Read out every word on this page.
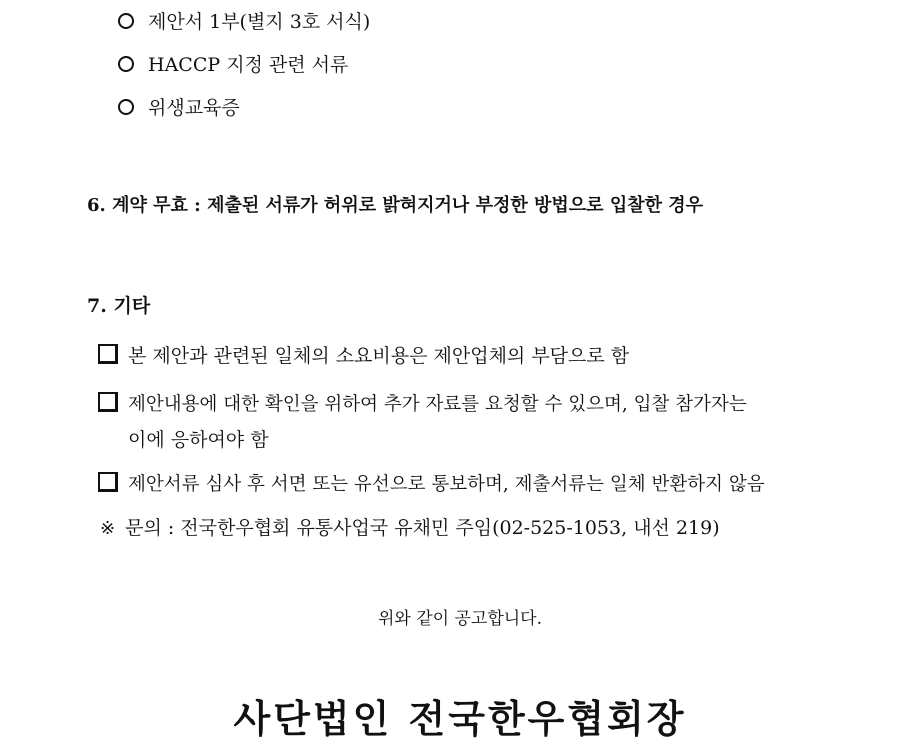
제안서 1부(별지 3호 서식)
HACCP 지정 관련 서류
위생교육증
6. 계약 무효 : 제출된 서류가 허위로 밝혀지거나 부정한 방법으로 입찰한 경우
7. 기타
본 제안과 관련된 일체의 소요비용은 제안업체의 부담으로 함
제안내용에 대한 확인을 위하여 추가 자료를 요청할 수 있으며, 입찰 참가자는
이에 응하여야 함
제안서류 심사 후 서면 또는 유선으로 통보하며, 제출서류는 일체 반환하지 않음
※ 문의 : 전국한우협회 유통사업국 유채민 주임(02-525-1053, 내선 219)
위와 같이 공고합니다.
사단법인 전국한우협회장
